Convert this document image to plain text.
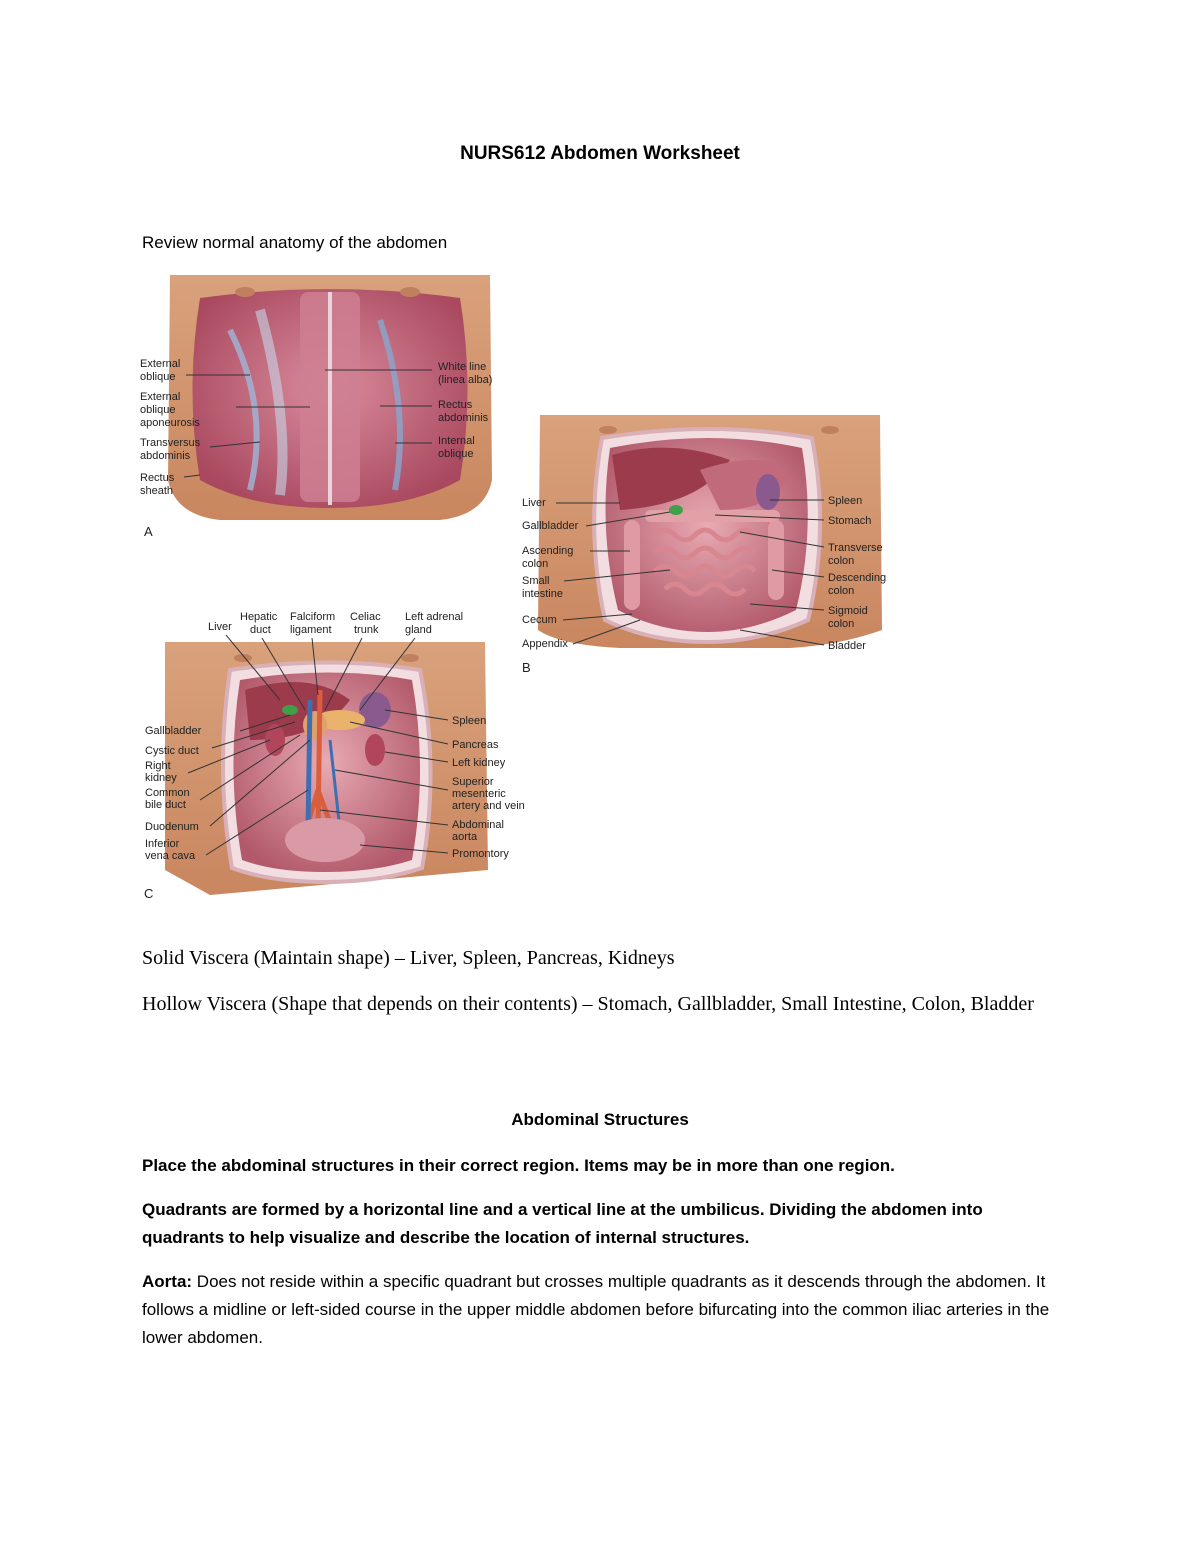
NURS612 Abdomen Worksheet
Review normal anatomy of the abdomen
External oblique
External oblique aponeurosis
Transversus abdominis
Rectus sheath
White line (linea alba)
Rectus abdominis
Internal oblique
A
Liver
Gallbladder
Ascending colon
Small intestine
Cecum
Appendix
Spleen
Stomach
Transverse colon
Descending colon
Sigmoid colon
Bladder
B
Liver
Hepatic duct
Falciform ligament
Celiac trunk
Left adrenal gland
Gallbladder
Cystic duct
Right kidney
Common bile duct
Duodenum
Inferior vena cava
Spleen
Pancreas
Left kidney
Superior mesenteric artery and vein
Abdominal aorta
Promontory
C
Solid Viscera (Maintain shape) – Liver, Spleen, Pancreas, Kidneys
Hollow Viscera (Shape that depends on their contents) – Stomach, Gallbladder, Small Intestine, Colon, Bladder
Abdominal Structures
Place the abdominal structures in their correct region. Items may be in more than one region.
Quadrants are formed by a horizontal line and a vertical line at the umbilicus. Dividing the abdomen into quadrants to help visualize and describe the location of internal structures.
Aorta: Does not reside within a specific quadrant but crosses multiple quadrants as it descends through the abdomen. It follows a midline or left-sided course in the upper middle abdomen before bifurcating into the common iliac arteries in the lower abdomen.
